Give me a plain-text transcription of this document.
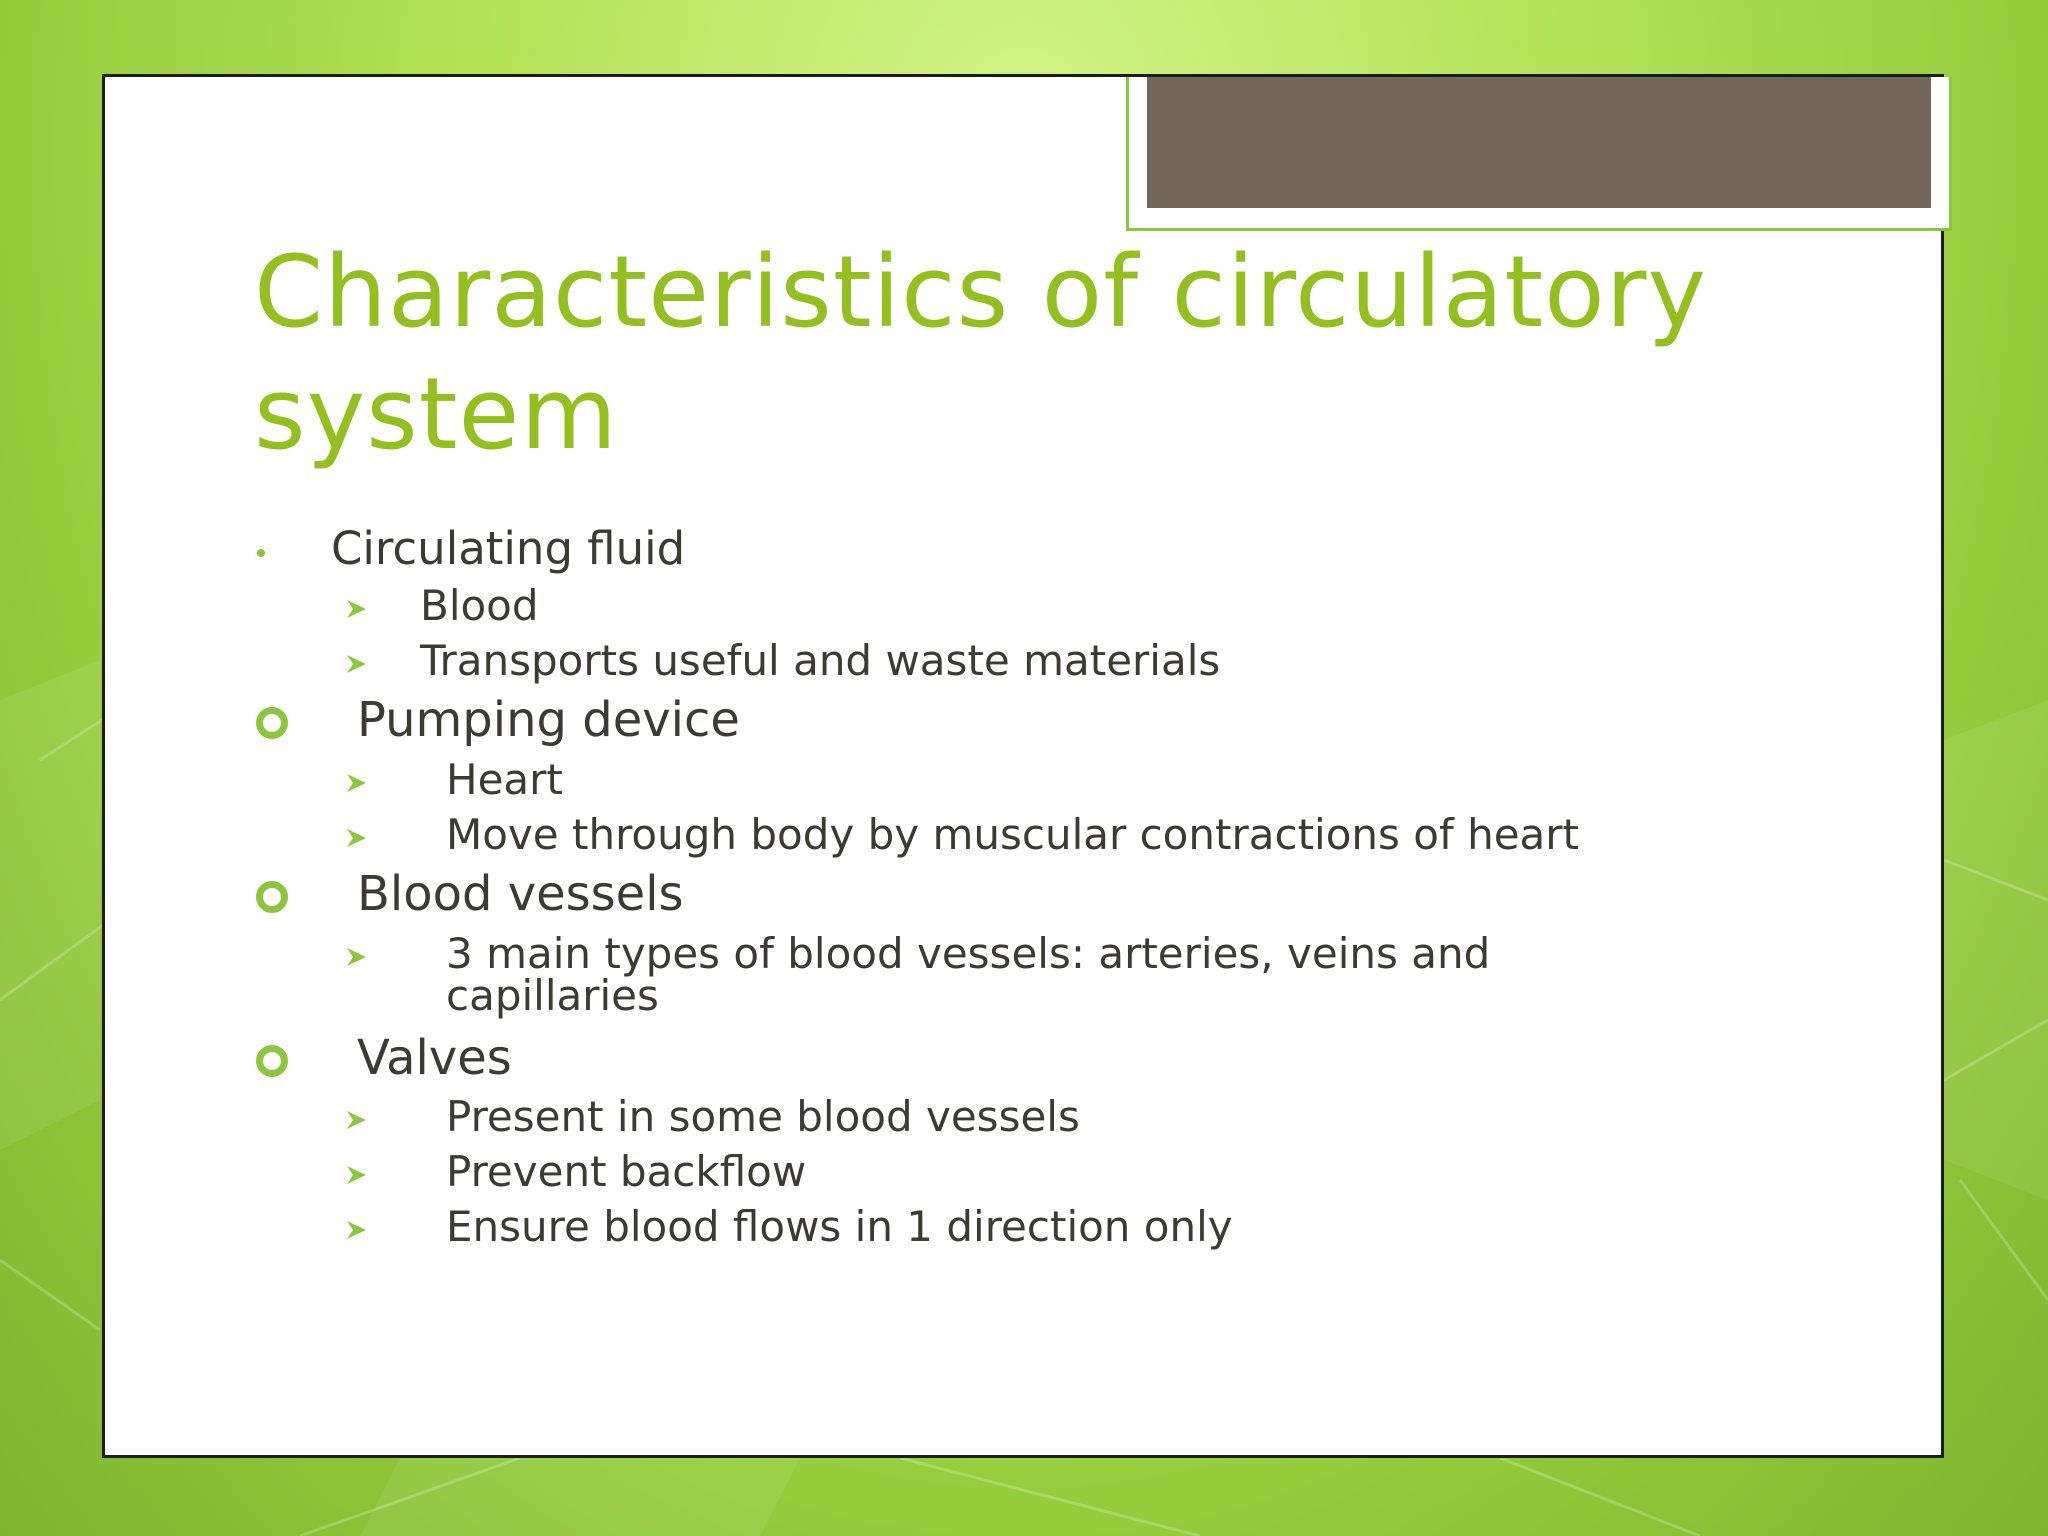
Characteristics of circulatory system
Circulating fluid
Blood
Transports useful and waste materials
Pumping device
Heart
Move through body by muscular contractions of heart
Blood vessels
3 main types of blood vessels: arteries, veins and
capillaries
Valves
Present in some blood vessels
Prevent backflow
Ensure blood flows in 1 direction only
